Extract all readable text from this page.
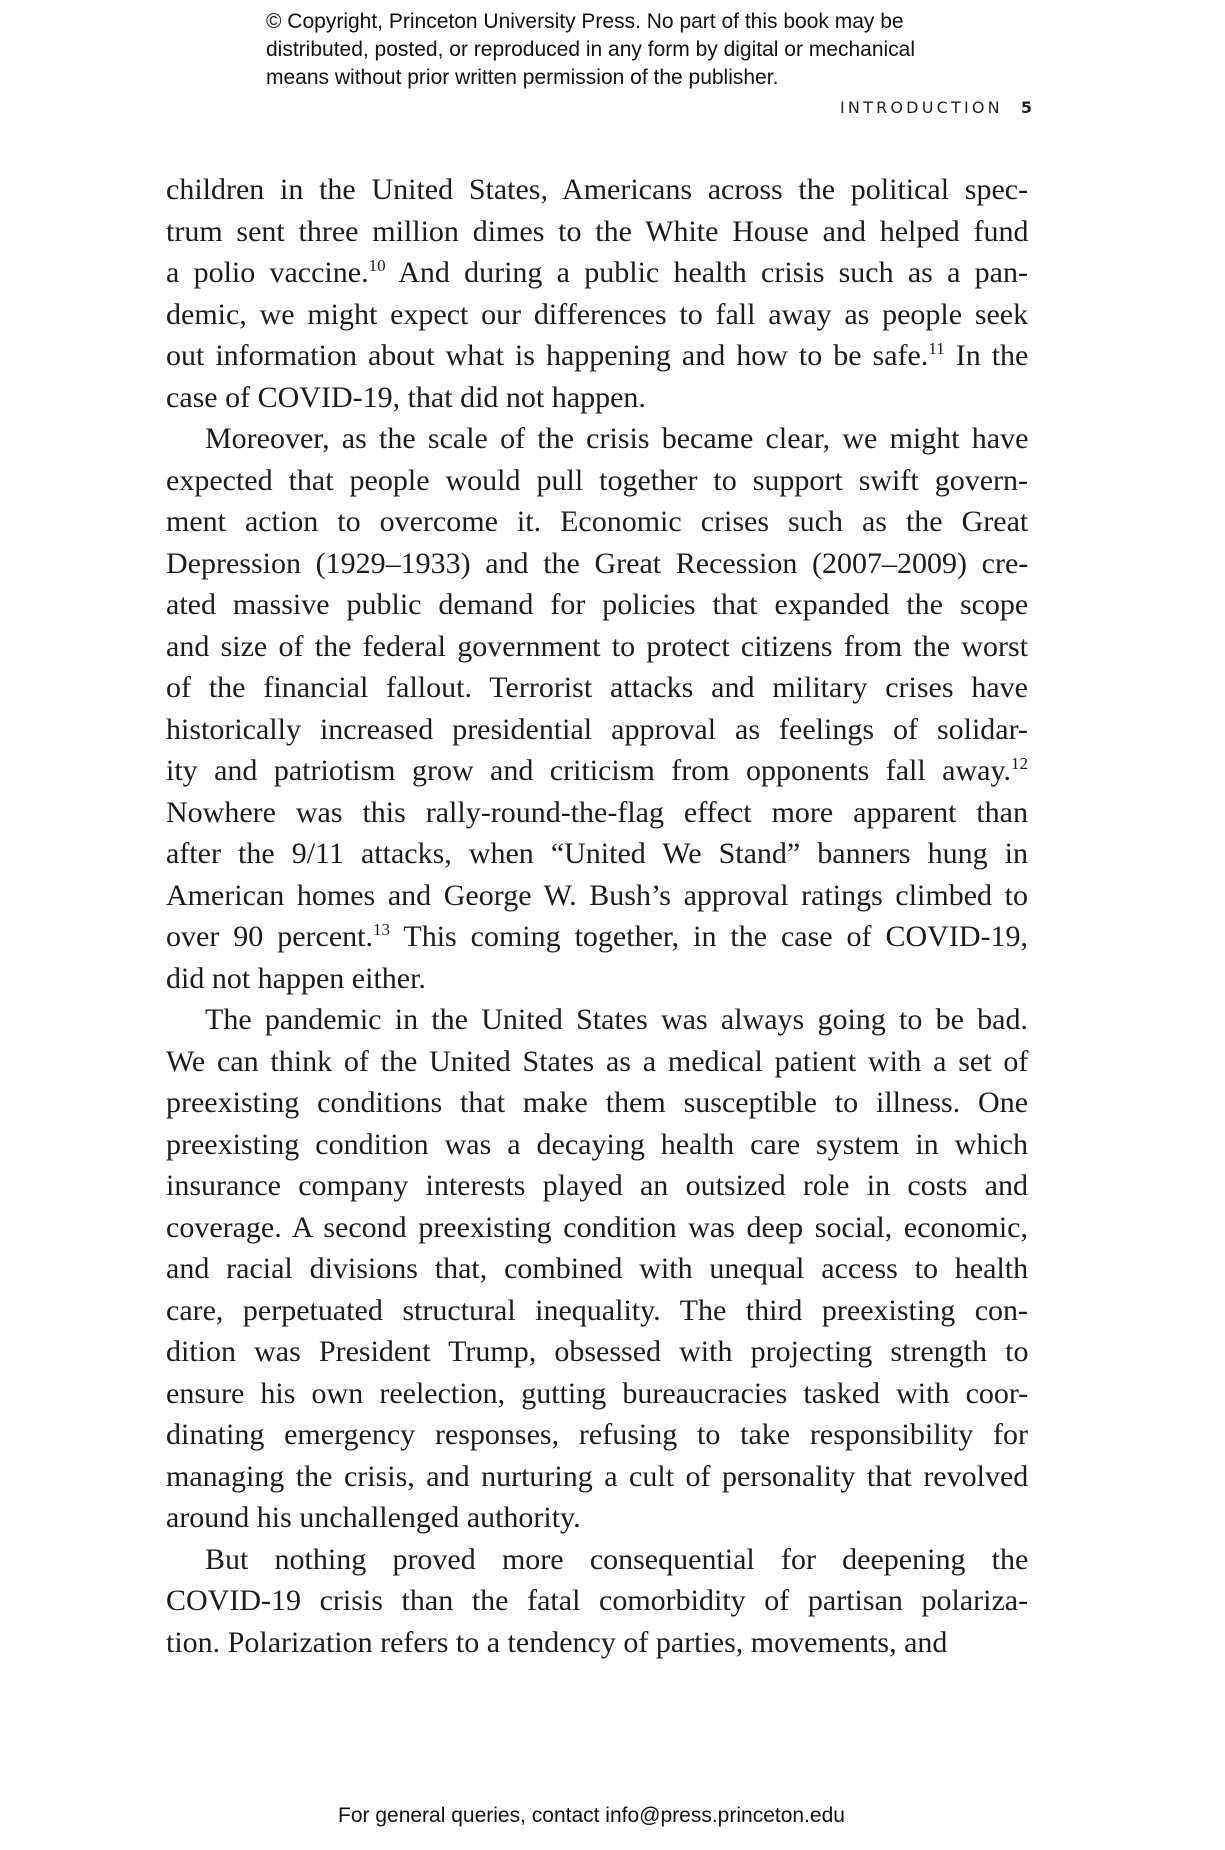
© Copyright, Princeton University Press. No part of this book may be
distributed, posted, or reproduced in any form by digital or mechanical
means without prior written permission of the publisher.
INTRODUCTION 5
children in the United States, Americans across the political spec-
trum sent three million dimes to the White House and helped fund
a polio vaccine.$^{10}$ And during a public health crisis such as a pan-
demic, we might expect our differences to fall away as people seek
out information about what is happening and how to be safe.$^{11}$ In the
case of COVID-19, that did not happen.
Moreover, as the scale of the crisis became clear, we might have
expected that people would pull together to support swift govern-
ment action to overcome it. Economic crises such as the Great
Depression (1929–1933) and the Great Recession (2007–2009) cre-
ated massive public demand for policies that expanded the scope
and size of the federal government to protect citizens from the worst
of the financial fallout. Terrorist attacks and military crises have
historically increased presidential approval as feelings of solidar-
ity and patriotism grow and criticism from opponents fall away.$^{12}$
Nowhere was this rally-round-the-flag effect more apparent than
after the 9/11 attacks, when “United We Stand” banners hung in
American homes and George W. Bush’s approval ratings climbed to
over 90 percent.$^{13}$ This coming together, in the case of COVID-19,
did not happen either.
The pandemic in the United States was always going to be bad.
We can think of the United States as a medical patient with a set of
preexisting conditions that make them susceptible to illness. One
preexisting condition was a decaying health care system in which
insurance company interests played an outsized role in costs and
coverage. A second preexisting condition was deep social, economic,
and racial divisions that, combined with unequal access to health
care, perpetuated structural inequality. The third preexisting con-
dition was President Trump, obsessed with projecting strength to
ensure his own reelection, gutting bureaucracies tasked with coor-
dinating emergency responses, refusing to take responsibility for
managing the crisis, and nurturing a cult of personality that revolved
around his unchallenged authority.
But nothing proved more consequential for deepening the
COVID-19 crisis than the fatal comorbidity of partisan polariza-
tion. Polarization refers to a tendency of parties, movements, and
For general queries, contact info@press.princeton.edu
